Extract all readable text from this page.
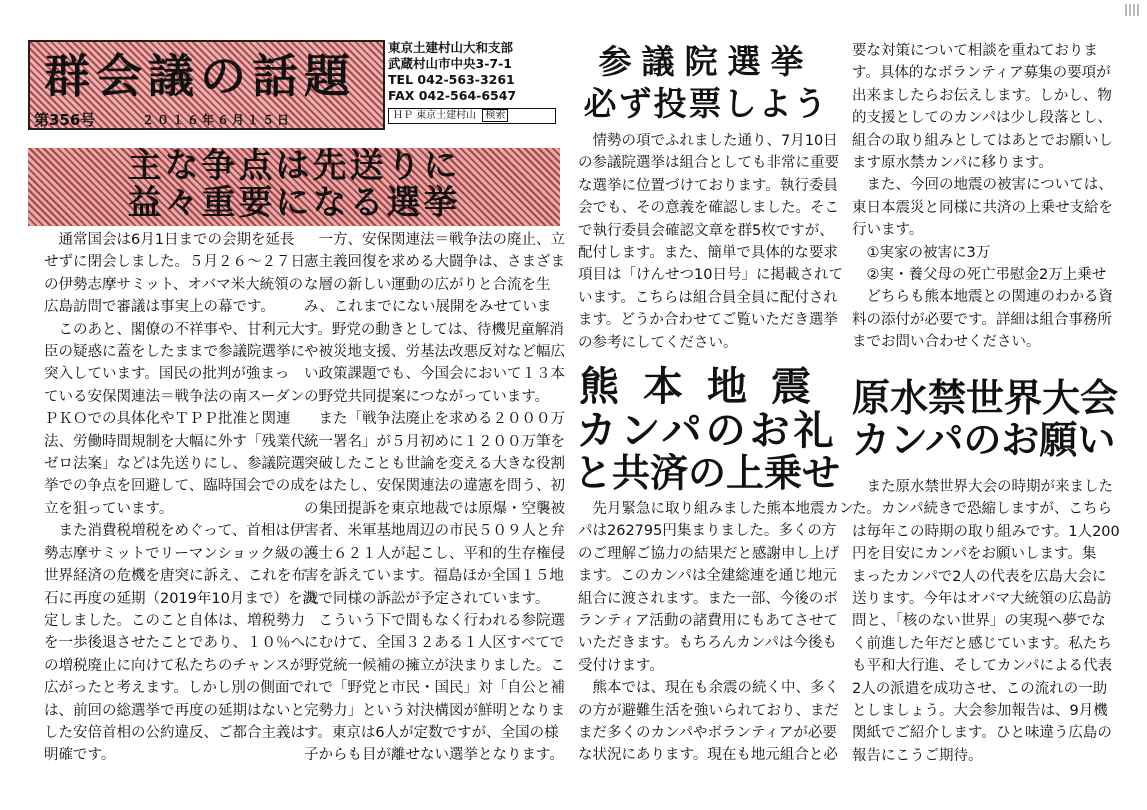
群会議の話題
第356号	２０１６年６月１５日
東京土建村山大和支部
武蔵村山市中央3-7-1
TEL 042-563-3261
FAX 042-564-6547
ＨＰ 東京土建村山 検索
主な争点は先送りに
益々重要になる選挙

　通常国会は6月1日までの会期を延長

せずに閉会しました。５月２６～２７日

の伊勢志摩サミット、オバマ米大統領の

広島訪問で審議は事実上の幕です。

　このあと、閣僚の不祥事や、甘利元大

臣の疑惑に蓋をしたままで参議院選挙に

突入しています。国民の批判が強まっ

ている安保関連法＝戦争法の南スーダン

ＰＫＯでの具体化やＴＰＰ批准と関連

法、労働時間規制を大幅に外す「残業代

ゼロ法案」などは先送りにし、参議院選

挙での争点を回避して、臨時国会での成

立を狙っています。

　また消費税増税をめぐって、首相は伊

勢志摩サミットでリーマンショック級の

世界経済の危機を唐突に訴え、これを布

石に再度の延期（2019年10月まで）を決

定しました。このこと自体は、増税勢力

を一歩後退させたことであり、１０％へ

の増税廃止に向けて私たちのチャンスが

広がったと考えます。しかし別の側面で

は、前回の総選挙で再度の延期はないと

した安倍首相の公約違反、ご都合主義は

明確です。

　一方、安保関連法＝戦争法の廃止、立

憲主義回復を求める大闘争は、さまざま

な層の新しい運動の広がりと合流を生

み、これまでにない展開をみせていま

す。野党の動きとしては、待機児童解消

や被災地支援、労基法改悪反対など幅広

い政策課題でも、今国会において１３本

の野党共同提案につながっています。

　また「戦争法廃止を求める２０００万

統一署名」が５月初めに１２００万筆を

突破したことも世論を変える大きな役割

をはたし、安保関連法の違憲を問う、初

の集団提訴を東京地裁では原爆・空襲被

害者、米軍基地周辺の市民５０９人と弁

護士６２１人が起こし、平和的生存権侵

害を訴えています。福島ほか全国１５地

裁で同様の訴訟が予定されています。

　こういう下で間もなく行われる参院選

にむけて、全国３２ある１人区すべてで

野党統一候補の擁立が決まりました。こ

れで「野党と市民・国民」対「自公と補

完勢力」という対決構図が鮮明となりま

す。東京は6人が定数ですが、全国の様

子からも目が離せない選挙となります。

参議院選挙
必ず投票しよう

　情勢の項でふれました通り、7月10日

の参議院選挙は組合としても非常に重要

な選挙に位置づけております。執行委員

会でも、その意義を確認しました。そこ

で執行委員会確認文章を群5枚ですが、

配付します。また、簡単で具体的な要求

項目は「けんせつ10日号」に掲載されて

います。こちらは組合員全員に配付され

ます。どうか合わせてご覧いただき選挙

の参考にしてください。

熊本地震
カンパのお礼
と共済の上乗せ

　先月緊急に取り組みました熊本地震カン

パは262795円集まりました。多くの方

のご理解ご協力の結果だと感謝申し上げ

ます。このカンパは全建総連を通じ地元

組合に渡されます。また一部、今後のボ

ランティア活動の諸費用にもあてさせて

いただきます。もちろんカンパは今後も

受付けます。

　熊本では、現在も余震の続く中、多く

の方が避難生活を強いられており、まだ

まだ多くのカンパやボランティアが必要

な状況にあります。現在も地元組合と必

要な対策について相談を重ねておりま

す。具体的なボランティア募集の要項が

出来ましたらお伝えします。しかし、物

的支援としてのカンパは少し段落とし、

組合の取り組みとしてはあとでお願いし

ます原水禁カンパに移ります。

　また、今回の地震の被害については、

東日本震災と同様に共済の上乗せ支給を

行います。

　①実家の被害に3万

　②実・養父母の死亡弔慰金2万上乗せ

　どちらも熊本地震との関連のわかる資

料の添付が必要です。詳細は組合事務所

までお問い合わせください。

原水禁世界大会
カンパのお願い

　また原水禁世界大会の時期が来ました

た。カンパ続きで恐縮しますが、こちら

は毎年この時期の取り組みです。1人200

円を目安にカンパをお願いします。集

まったカンパで2人の代表を広島大会に

送ります。今年はオバマ大統領の広島訪

問と、「核のない世界」の実現へ夢でな

く前進した年だと感じています。私たち

も平和大行進、そしてカンパによる代表

2人の派遣を成功させ、この流れの一助

としましょう。大会参加報告は、9月機

関紙でご紹介します。ひと味違う広島の

報告にこうご期待。
